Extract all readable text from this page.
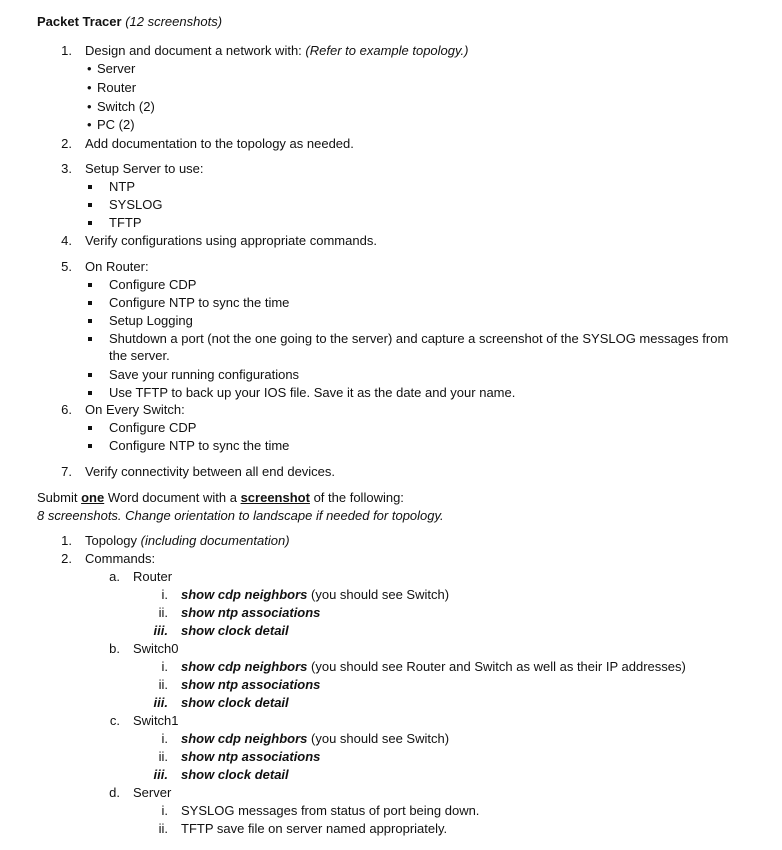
Packet Tracer (12 screenshots)
1. Design and document a network with: (Refer to example topology.)
• Server
• Router
• Switch (2)
• PC (2)
2. Add documentation to the topology as needed.
3. Setup Server to use:
NTP
SYSLOG
TFTP
4. Verify configurations using appropriate commands.
5. On Router:
Configure CDP
Configure NTP to sync the time
Setup Logging
Shutdown a port (not the one going to the server) and capture a screenshot of the SYSLOG messages from
the server.
Save your running configurations
Use TFTP to back up your IOS file. Save it as the date and your name.
6. On Every Switch:
Configure CDP
Configure NTP to sync the time
7. Verify connectivity between all end devices.
Submit one Word document with a screenshot of the following:
8 screenshots. Change orientation to landscape if needed for topology.
1. Topology (including documentation)
2. Commands:
a. Router
i. show cdp neighbors (you should see Switch)
ii. show ntp associations
iii. show clock detail
b. Switch0
i. show cdp neighbors (you should see Router and Switch as well as their IP addresses)
ii. show ntp associations
iii. show clock detail
c. Switch1
i. show cdp neighbors (you should see Switch)
ii. show ntp associations
iii. show clock detail
d. Server
i. SYSLOG messages from status of port being down.
ii. TFTP save file on server named appropriately.
